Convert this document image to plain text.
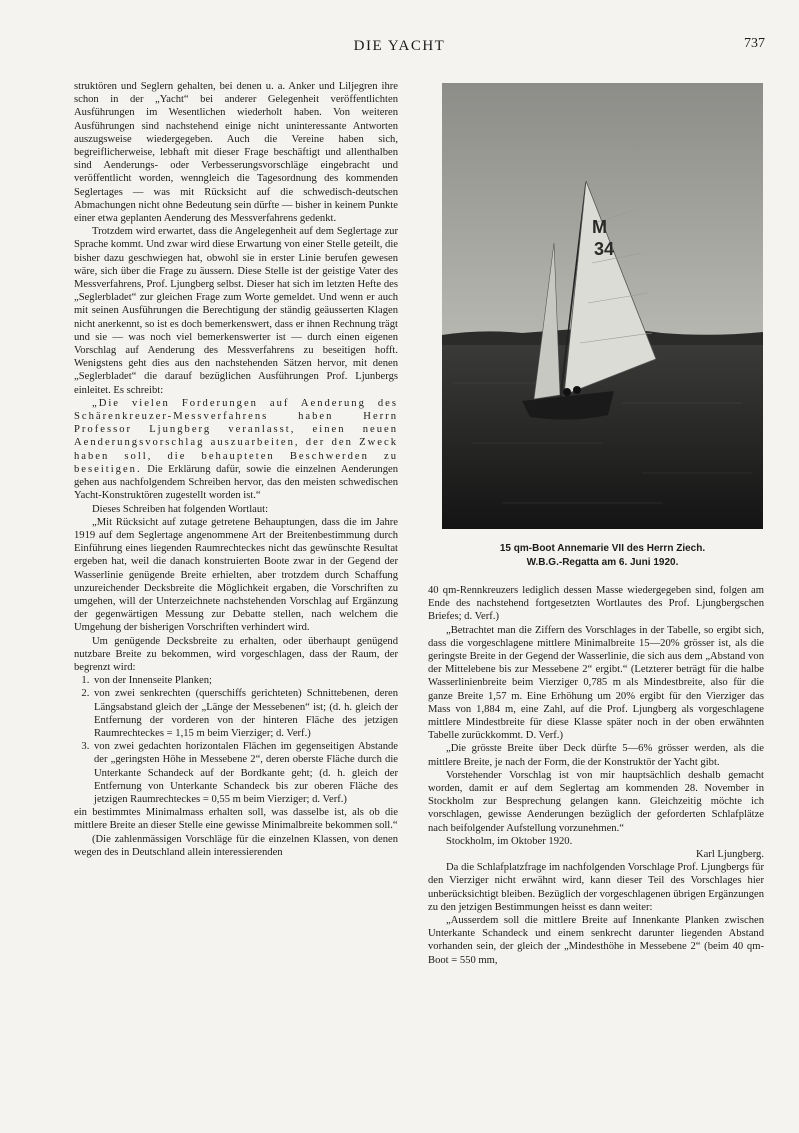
DIE YACHT	737

struktören und Seglern gehalten, bei denen u. a. Anker und Liljegren ihre schon in der „Yacht“ bei anderer Gelegenheit veröffentlichten Ausführungen im Wesentlichen wiederholt haben. Von weiteren Ausführungen sind nachstehend einige nicht uninteressante Antworten auszugsweise wiedergegeben. Auch die Vereine haben sich, begreiflicherweise, lebhaft mit dieser Frage beschäftigt und allenthalben sind Aenderungs- oder Verbesserungsvorschläge eingebracht und veröffentlicht worden, wenngleich die Tagesordnung des kommenden Seglertages — was mit Rücksicht auf die schwedisch-deutschen Abmachungen nicht ohne Bedeutung sein dürfte — bisher in keinem Punkte einer etwa geplanten Aenderung des Messverfahrens gedenkt.

Trotzdem wird erwartet, dass die Angelegenheit auf dem Seglertage zur Sprache kommt. Und zwar wird diese Erwartung von einer Stelle geteilt, die bisher dazu geschwiegen hat, obwohl sie in erster Linie berufen gewesen wäre, sich über die Frage zu äussern. Diese Stelle ist der geistige Vater des Messverfahrens, Prof. Ljungberg selbst. Dieser hat sich im letzten Hefte des „Seglerbladet“ zur gleichen Frage zum Worte gemeldet. Und wenn er auch mit seinen Ausführungen die Berechtigung der ständig geäusserten Klagen nicht anerkennt, so ist es doch bemerkenswert, dass er ihnen Rechnung trägt und sie — was noch viel bemerkenswerter ist — durch einen eigenen Vorschlag auf Aenderung des Messverfahrens zu beseitigen hofft. Wenigstens geht dies aus den nachstehenden Sätzen hervor, mit denen „Seglerbladet“ die darauf bezüglichen Ausführungen Prof. Ljunbergs einleitet. Es schreibt:

„Die vielen Forderungen auf Aenderung des Schärenkreuzer-Messverfahrens haben Herrn Professor Ljungberg veranlasst, einen neuen Aenderungsvorschlag auszuarbeiten, der den Zweck haben soll, die behaupteten Beschwerden zu beseitigen. Die Erklärung dafür, sowie die einzelnen Aenderungen gehen aus nachfolgendem Schreiben hervor, das den meisten schwedischen Yacht-Konstruktören zugestellt worden ist.“

Dieses Schreiben hat folgenden Wortlaut:

„Mit Rücksicht auf zutage getretene Behauptungen, dass die im Jahre 1919 auf dem Seglertage angenommene Art der Breitenbestimmung durch Einführung eines liegenden Raumrechteckes nicht das gewünschte Resultat ergeben hat, weil die danach konstruierten Boote zwar in der Gegend der Wasserlinie genügende Breite erhielten, aber trotzdem durch Schaffung unzureichender Decksbreite die Möglichkeit ergaben, die Vorschriften zu umgehen, will der Unterzeichnete nachstehenden Vorschlag auf Ergänzung der gegenwärtigen Messung zur Debatte stellen, nach welchem die Umgehung der bisherigen Vorschriften verhindert wird.

Um genügende Decksbreite zu erhalten, oder überhaupt genügend nutzbare Breite zu bekommen, wird vorgeschlagen, dass der Raum, der begrenzt wird:

1. von der Innenseite Planken;
2. von zwei senkrechten (querschiffs gerichteten) Schnittebenen, deren Längsabstand gleich der „Länge der Messebenen“ ist; (d. h. gleich der Entfernung der vorderen von der hinteren Fläche des jetzigen Raumrechteckes = 1,15 m beim Vierziger; d. Verf.)
3. von zwei gedachten horizontalen Flächen im gegenseitigen Abstande der „geringsten Höhe in Messebene 2“, deren oberste Fläche durch die Unterkante Schandeck auf der Bordkante geht; (d. h. gleich der Entfernung von Unterkante Schandeck bis zur oberen Fläche des jetzigen Raumrechteckes = 0,55 m beim Vierziger; d. Verf.)

ein bestimmtes Minimalmass erhalten soll, was dasselbe ist, als ob die mittlere Breite an dieser Stelle eine gewisse Minimalbreite bekommen soll.“

(Die zahlenmässigen Vorschläge für die einzelnen Klassen, von denen wegen des in Deutschland allein interessierenden

M
34
15 qm-Boot Annemarie VII des Herrn Ziech.
W.B.G.-Regatta am 6. Juni 1920.

40 qm-Rennkreuzers lediglich dessen Masse wiedergegeben sind, folgen am Ende des nachstehend fortgesetzten Wortlautes des Prof. Ljungbergschen Briefes; d. Verf.)

„Betrachtet man die Ziffern des Vorschlages in der Tabelle, so ergibt sich, dass die vorgeschlagene mittlere Minimalbreite 15—20% grösser ist, als die geringste Breite in der Gegend der Wasserlinie, die sich aus dem „Abstand von der Mittelebene bis zur Messebene 2“ ergibt.“ (Letzterer beträgt für die halbe Wasserlinienbreite beim Vierziger 0,785 m als Mindestbreite, also für die ganze Breite 1,57 m. Eine Erhöhung um 20% ergibt für den Vierziger das Mass von 1,884 m, eine Zahl, auf die Prof. Ljungberg als vorgeschlagene mittlere Mindestbreite für diese Klasse später noch in der oben erwähnten Tabelle zurückkommt. D. Verf.)

„Die grösste Breite über Deck dürfte 5—6% grösser werden, als die mittlere Breite, je nach der Form, die der Konstruktör der Yacht gibt.

Vorstehender Vorschlag ist von mir hauptsächlich deshalb gemacht worden, damit er auf dem Seglertag am kommenden 28. November in Stockholm zur Besprechung gelangen kann. Gleichzeitig möchte ich vorschlagen, gewisse Aenderungen bezüglich der geforderten Schlafplätze nach beifolgender Aufstellung vorzunehmen.“

Stockholm, im Oktober 1920.

Karl Ljungberg.

Da die Schlafplatzfrage im nachfolgenden Vorschlage Prof. Ljungbergs für den Vierziger nicht erwähnt wird, kann dieser Teil des Vorschlages hier unberücksichtigt bleiben. Bezüglich der vorgeschlagenen übrigen Ergänzungen zu den jetzigen Bestimmungen heisst es dann weiter:

„Ausserdem soll die mittlere Breite auf Innenkante Planken zwischen Unterkante Schandeck und einem senkrecht darunter liegenden Abstand vorhanden sein, der gleich der „Mindesthöhe in Messebene 2“ (beim 40 qm-Boot = 550 mm,
